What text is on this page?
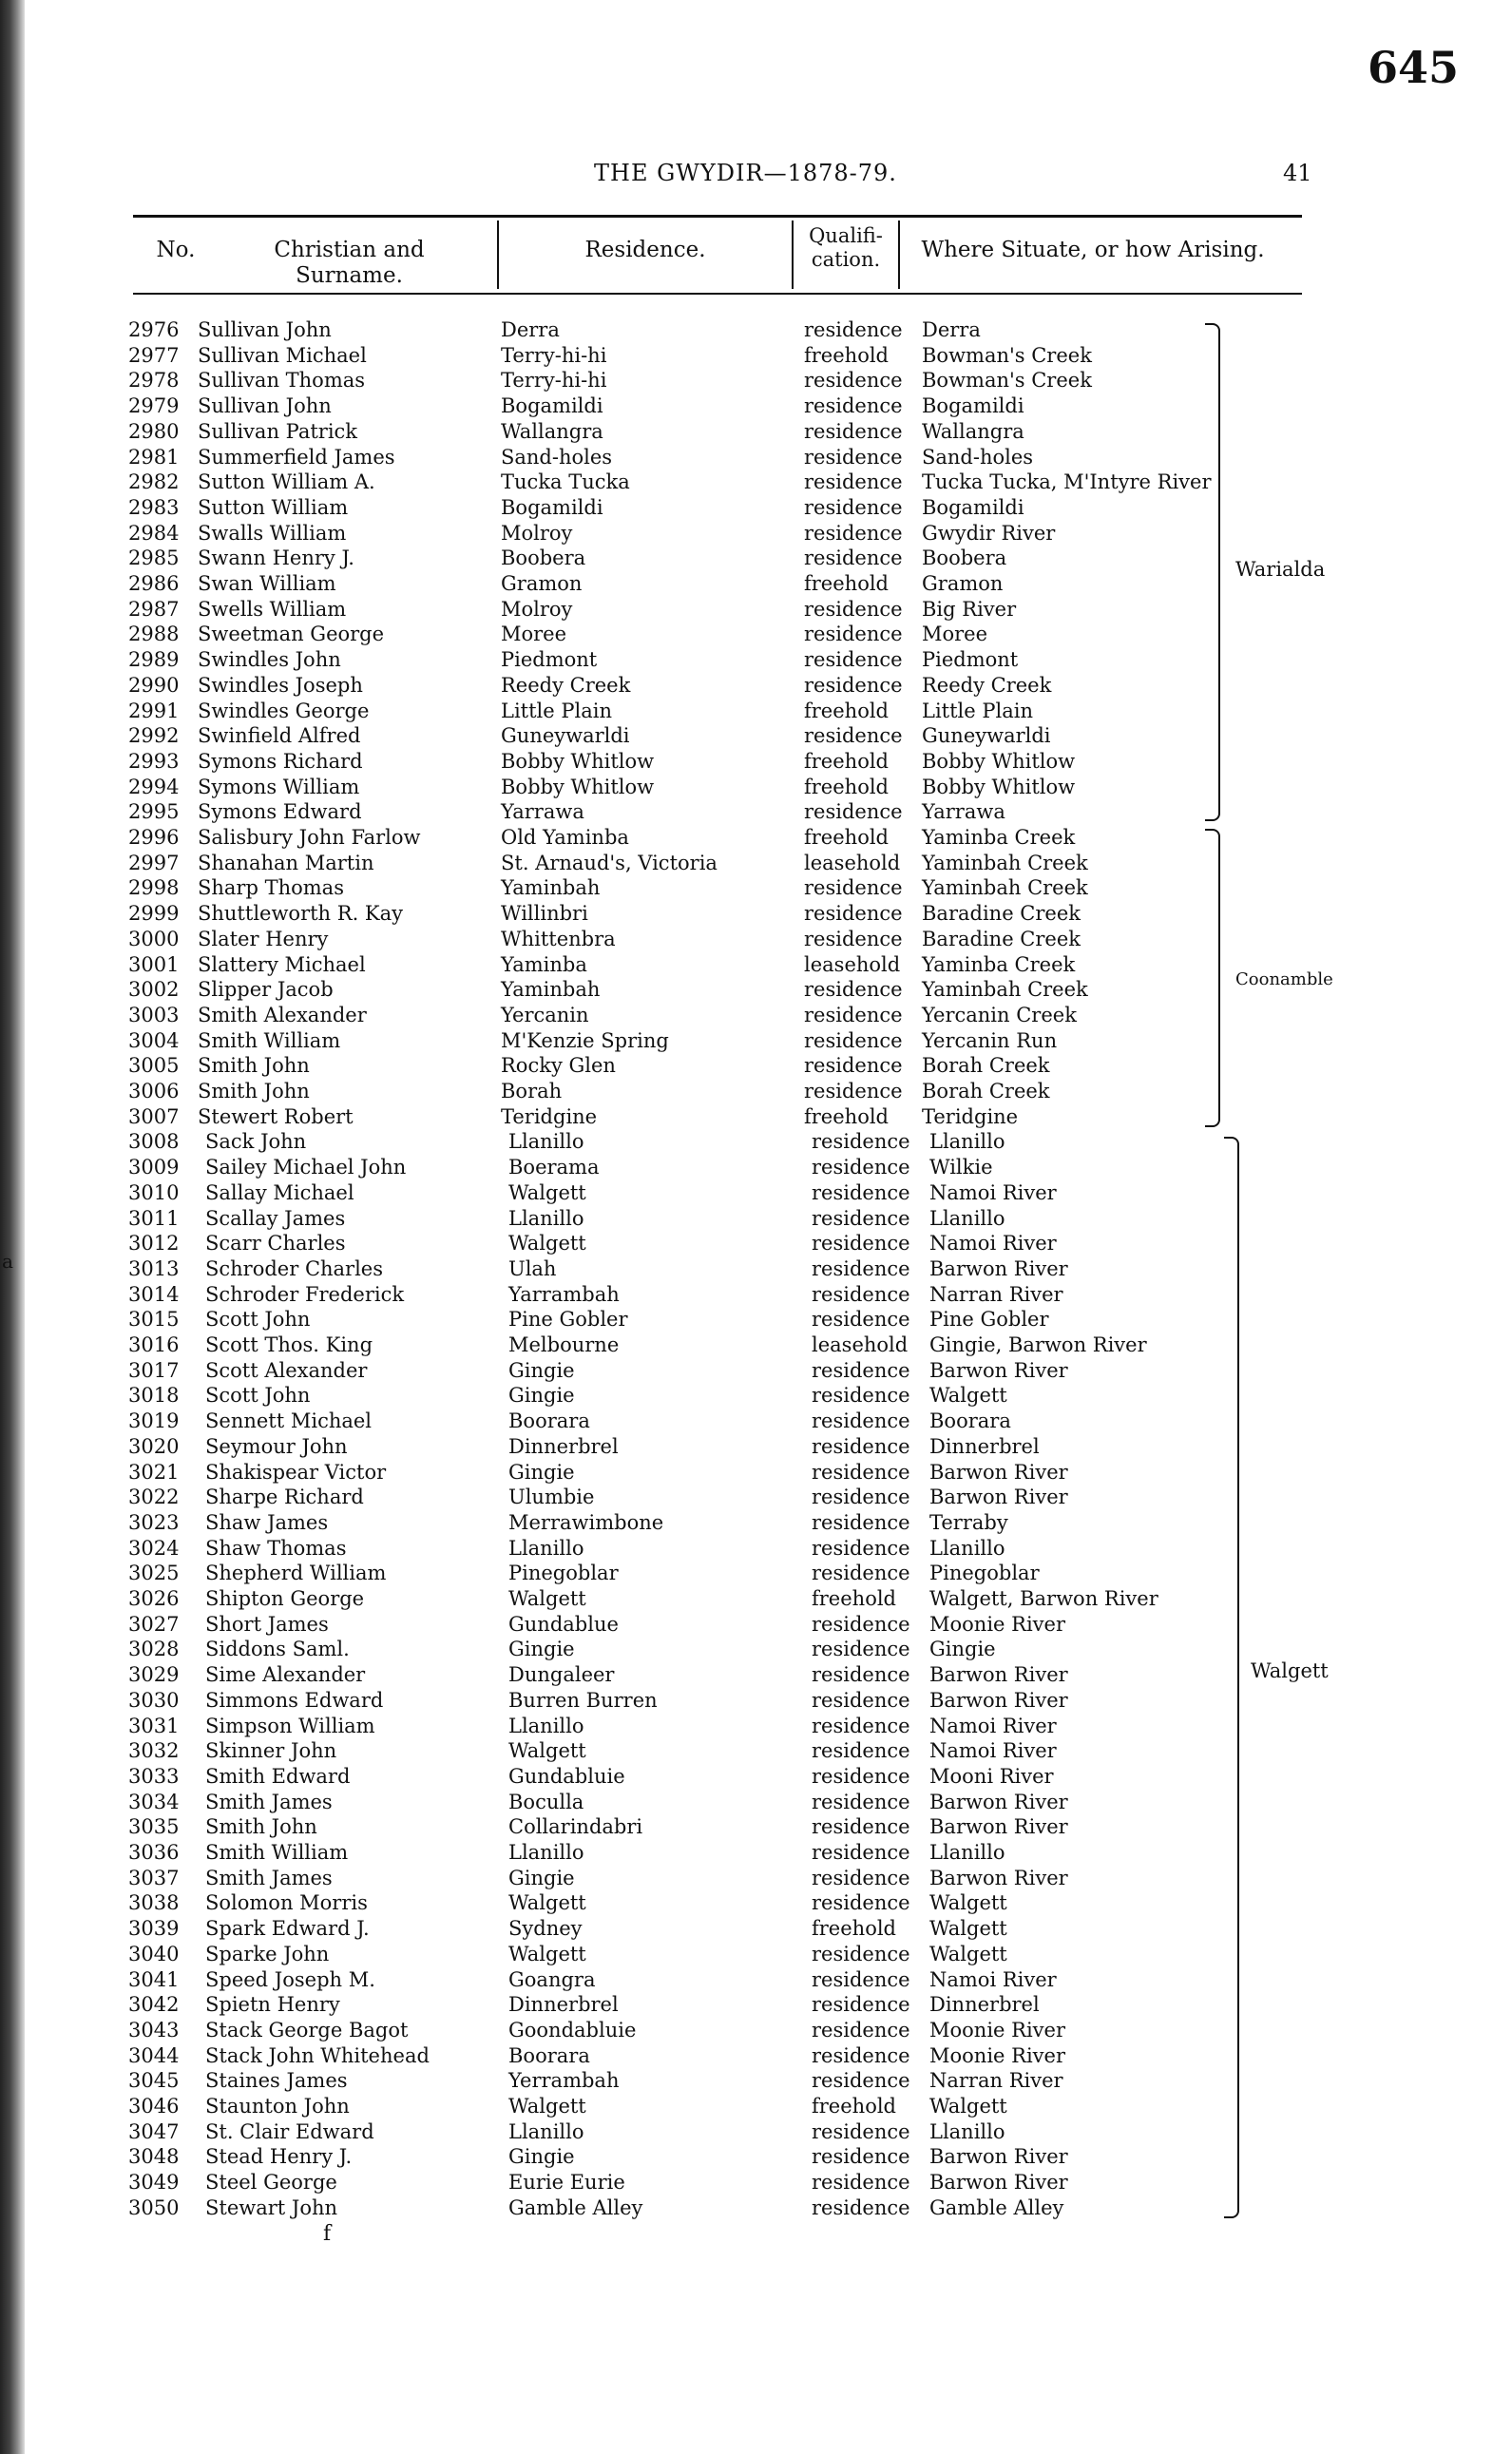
a
645
THE GWYDIR—1878-79.	41
No.	Christian and Surname.
Residence.
Qualifi- cation.	Where Situate, or how Arising.
2976 Sullivan John	Derra	residence Derra
2977 Sullivan Michael	Terry-hi-hi	freehold Bowman's Creek
2978 Sullivan Thomas	Terry-hi-hi	residence Bowman's Creek
2979 Sullivan John	Bogamildi	residence Bogamildi
2980 Sullivan Patrick	Wallangra	residence Wallangra
2981 Summerfield James	Sand-holes	residence Sand-holes
2982 Sutton William A.	Tucka Tucka	residence Tucka Tucka, M'Intyre River
2983 Sutton William	Bogamildi	residence Bogamildi
2984 Swalls William	Molroy	residence Gwydir River
2985 Swann Henry J.	Boobera	residence Boobera
2986 Swan William	Gramon	freehold Gramon
2987 Swells William	Molroy	residence Big River
2988 Sweetman George	Moree	residence Moree
2989 Swindles John	Piedmont	residence Piedmont
2990 Swindles Joseph	Reedy Creek	residence Reedy Creek
2991 Swindles George	Little Plain	freehold Little Plain
2992 Swinfield Alfred	Guneywarldi	residence Guneywarldi
2993 Symons Richard	Bobby Whitlow	freehold Bobby Whitlow
2994 Symons William	Bobby Whitlow	freehold Bobby Whitlow
2995 Symons Edward	Yarrawa	residence Yarrawa
2996 Salisbury John Farlow	Old Yaminba	freehold Yaminba Creek
2997 Shanahan Martin	St. Arnaud's, Victoria	leasehold Yaminbah Creek
2998 Sharp Thomas	Yaminbah	residence Yaminbah Creek
2999 Shuttleworth R. Kay	Willinbri	residence Baradine Creek
3000 Slater Henry	Whittenbra	residence Baradine Creek
3001 Slattery Michael	Yaminba	leasehold Yaminba Creek
3002 Slipper Jacob	Yaminbah	residence Yaminbah Creek
3003 Smith Alexander	Yercanin	residence Yercanin Creek
3004 Smith William	M'Kenzie Spring	residence Yercanin Run
3005 Smith John	Rocky Glen	residence Borah Creek
3006 Smith John	Borah	residence Borah Creek
3007 Stewert Robert	Teridgine	freehold Teridgine
3008 Sack John	Llanillo	residence Llanillo
3009 Sailey Michael John	Boerama	residence Wilkie
3010 Sallay Michael	Walgett	residence Namoi River
3011 Scallay James	Llanillo	residence Llanillo
3012 Scarr Charles	Walgett	residence Namoi River
3013 Schroder Charles	Ulah	residence Barwon River
3014 Schroder Frederick	Yarrambah	residence Narran River
3015 Scott John	Pine Gobler	residence Pine Gobler
3016 Scott Thos. King	Melbourne	leasehold Gingie, Barwon River
3017 Scott Alexander	Gingie	residence Barwon River
3018 Scott John	Gingie	residence Walgett
3019 Sennett Michael	Boorara	residence Boorara
3020 Seymour John	Dinnerbrel	residence Dinnerbrel
3021 Shakispear Victor	Gingie	residence Barwon River
3022 Sharpe Richard	Ulumbie	residence Barwon River
3023 Shaw James	Merrawimbone	residence Terraby
3024 Shaw Thomas	Llanillo	residence Llanillo
3025 Shepherd William	Pinegoblar	residence Pinegoblar
3026 Shipton George	Walgett	freehold Walgett, Barwon River
3027 Short James	Gundablue	residence Moonie River
3028 Siddons Saml.	Gingie	residence Gingie
3029 Sime Alexander	Dungaleer	residence Barwon River
3030 Simmons Edward	Burren Burren	residence Barwon River
3031 Simpson William	Llanillo	residence Namoi River
3032 Skinner John	Walgett	residence Namoi River
3033 Smith Edward	Gundabluie	residence Mooni River
3034 Smith James	Boculla	residence Barwon River
3035 Smith John	Collarindabri	residence Barwon River
3036 Smith William	Llanillo	residence Llanillo
3037 Smith James	Gingie	residence Barwon River
3038 Solomon Morris	Walgett	residence Walgett
3039 Spark Edward J.	Sydney	freehold Walgett
3040 Sparke John	Walgett	residence Walgett
3041 Speed Joseph M.	Goangra	residence Namoi River
3042 Spietn Henry	Dinnerbrel	residence Dinnerbrel
3043 Stack George Bagot	Goondabluie	residence Moonie River
3044 Stack John Whitehead	Boorara	residence Moonie River
3045 Staines James	Yerrambah	residence Narran River
3046 Staunton John	Walgett	freehold Walgett
3047 St. Clair Edward	Llanillo	residence Llanillo
3048 Stead Henry J.	Gingie	residence Barwon River
3049 Steel George	Eurie Eurie	residence Barwon River
3050 Stewart John	Gamble Alley	residence Gamble Alley
Warialda
Coonamble
Walgett
f
